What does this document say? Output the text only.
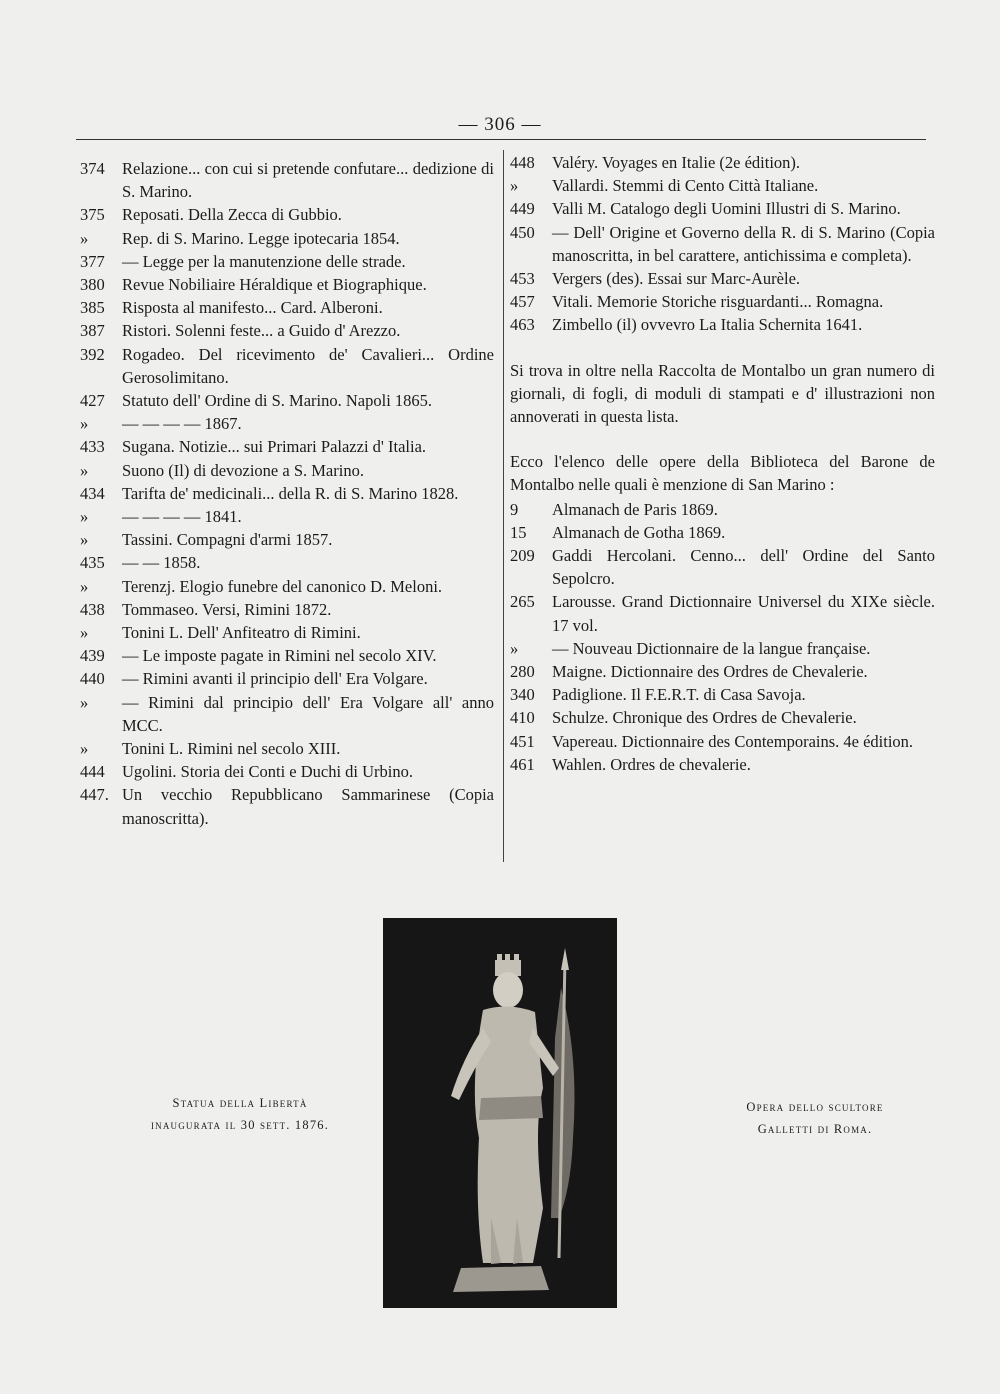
— 306 —
374	Relazione... con cui si pretende confutare... dedizione di S. Marino.
375	Reposati. Della Zecca di Gubbio.
»	Rep. di S. Marino. Legge ipotecaria 1854.
377	— Legge per la manutenzione delle strade.
380	Revue Nobiliaire Héraldique et Biographique.
385	Risposta al manifesto... Card. Alberoni.
387	Ristori. Solenni feste... a Guido d' Arezzo.
392	Rogadeo. Del ricevimento de' Cavalieri... Ordine Gerosolimitano.
427	Statuto dell' Ordine di S. Marino. Napoli 1865.
»	— — — — 1867.
433	Sugana. Notizie... sui Primari Palazzi d' Italia.
»	Suono (Il) di devozione a S. Marino.
434	Tarifta de' medicinali... della R. di S. Marino 1828.
»	— — — — 1841.
»	Tassini. Compagni d'armi 1857.
435	— — 1858.
»	Terenzj. Elogio funebre del canonico D. Meloni.
438	Tommaseo. Versi, Rimini 1872.
»	Tonini L. Dell' Anfiteatro di Rimini.
439	— Le imposte pagate in Rimini nel secolo XIV.
440	— Rimini avanti il principio dell' Era Volgare.
»	— Rimini dal principio dell' Era Volgare all' anno MCC.
»	Tonini L. Rimini nel secolo XIII.
444	Ugolini. Storia dei Conti e Duchi di Urbino.
447. Un vecchio Repubblicano Sammarinese (Copia manoscritta).
448	Valéry. Voyages en Italie (2e édition).
»	Vallardi. Stemmi di Cento Città Italiane.
449	Valli M. Catalogo degli Uomini Illustri di S. Marino.
450	— Dell' Origine et Governo della R. di S. Marino (Copia manoscritta, in bel carattere, antichissima e completa).
453	Vergers (des). Essai sur Marc-Aurèle.
457	Vitali. Memorie Storiche risguardanti... Romagna.
463	Zimbello (il) ovvevro La Italia Schernita 1641.
Si trova in oltre nella Raccolta de Montalbo un gran numero di giornali, di fogli, di moduli di stampati e d' illustrazioni non annoverati in questa lista.
Ecco l'elenco delle opere della Biblioteca del Barone de Montalbo nelle quali è menzione di San Marino :
9	Almanach de Paris 1869.
15	Almanach de Gotha 1869.
209	Gaddi Hercolani. Cenno... dell' Ordine del Santo Sepolcro.
265	Larousse. Grand Dictionnaire Universel du XIXe siècle. 17 vol.
»	— Nouveau Dictionnaire de la langue française.
280	Maigne. Dictionnaire des Ordres de Chevalerie.
340	Padiglione. Il F.E.R.T. di Casa Savoja.
410	Schulze. Chronique des Ordres de Chevalerie.
451	Vapereau. Dictionnaire des Contemporains. 4e édition.
461	Wahlen. Ordres de chevalerie.
Statua della Libertà
inaugurata il 30 sett. 1876.
Opera dello scultore
Galletti di Roma.
